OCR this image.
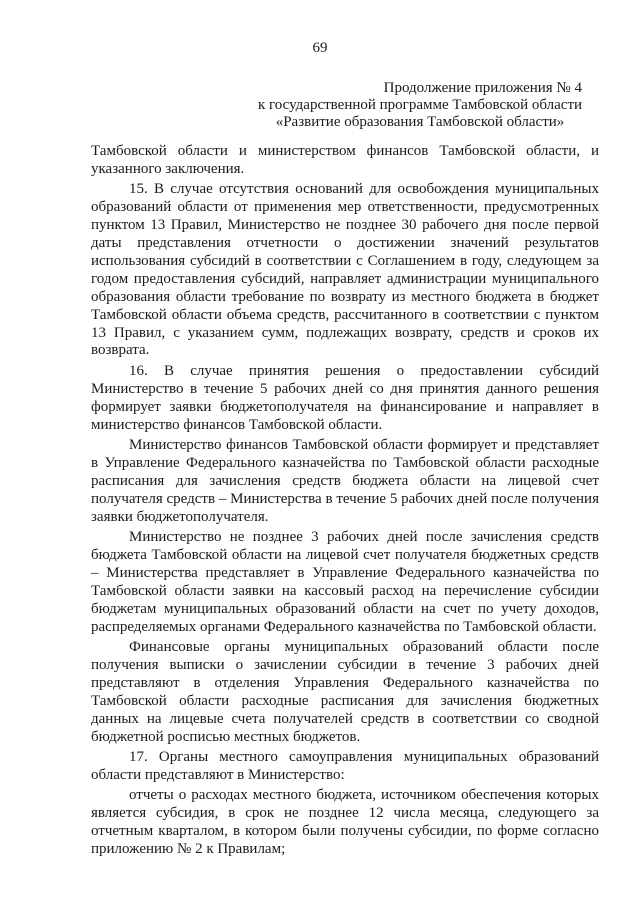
69
Продолжение приложения № 4
к государственной программе Тамбовской области
«Развитие образования Тамбовской области»

Тамбовской области и министерством финансов Тамбовской области, и указанного заключения.

15. В случае отсутствия оснований для освобождения муниципальных образований области от применения мер ответственности, предусмотренных пунктом 13 Правил, Министерство не позднее 30 рабочего дня после первой даты представления отчетности о достижении значений результатов использования субсидий в соответствии с Соглашением в году, следующем за годом предоставления субсидий, направляет администрации муниципального образования области требование по возврату из местного бюджета в бюджет Тамбовской области объема средств, рассчитанного в соответствии с пунктом 13 Правил, с указанием сумм, подлежащих возврату, средств и сроков их возврата.

16. В случае принятия решения о предоставлении субсидий Министерство в течение 5 рабочих дней со дня принятия данного решения формирует заявки бюджетополучателя на финансирование и направляет в министерство финансов Тамбовской области.

Министерство финансов Тамбовской области формирует и представляет в Управление Федерального казначейства по Тамбовской области расходные расписания для зачисления средств бюджета области на лицевой счет получателя средств – Министерства в течение 5 рабочих дней после получения заявки бюджетополучателя.

Министерство не позднее 3 рабочих дней после зачисления средств бюджета Тамбовской области на лицевой счет получателя бюджетных средств – Министерства представляет в Управление Федерального казначейства по Тамбовской области заявки на кассовый расход на перечисление субсидии бюджетам муниципальных образований области на счет по учету доходов, распределяемых органами Федерального казначейства по Тамбовской области.

Финансовые органы муниципальных образований области после получения выписки о зачислении субсидии в течение 3 рабочих дней представляют в отделения Управления Федерального казначейства по Тамбовской области расходные расписания для зачисления бюджетных данных на лицевые счета получателей средств в соответствии со сводной бюджетной росписью местных бюджетов.

17. Органы местного самоуправления муниципальных образований области представляют в Министерство:

отчеты о расходах местного бюджета, источником обеспечения которых является субсидия, в срок не позднее 12 числа месяца, следующего за отчетным кварталом, в котором были получены субсидии, по форме согласно приложению № 2 к Правилам;
